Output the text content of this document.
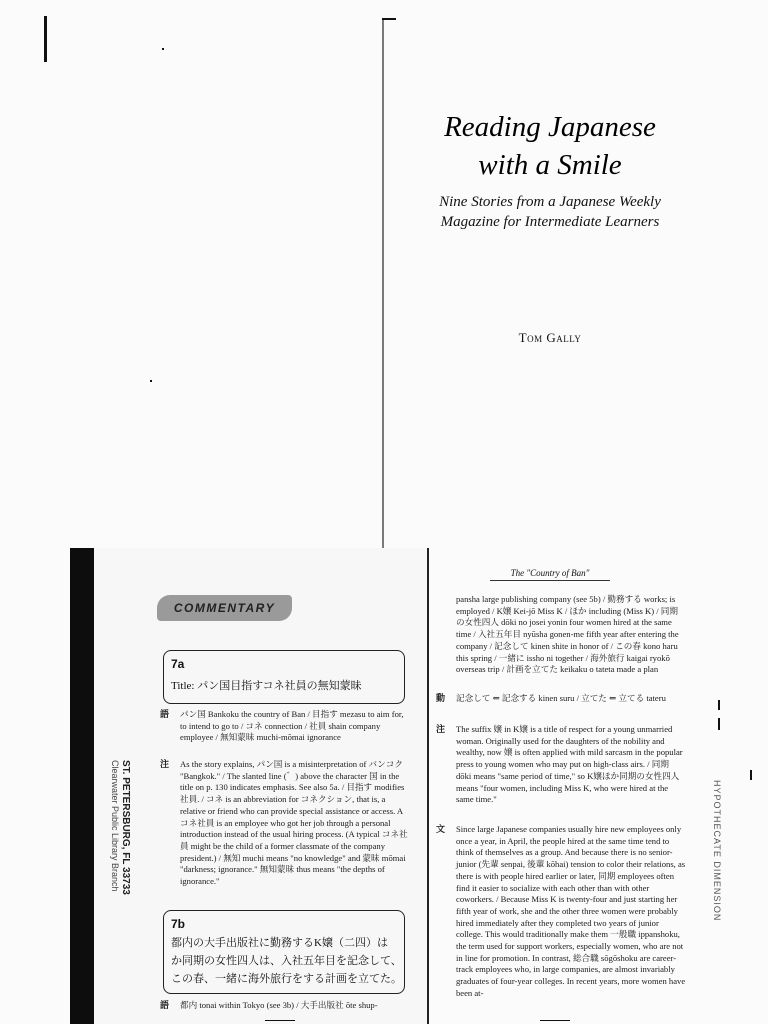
Reading Japanese
with a Smile
Nine Stories from a Japanese Weekly
Magazine for Intermediate Learners
Tom Gally
ST. PETERSBURG, FL 33733 Clearwater Public Library Branch
COMMENTARY
7a
Title: パン国目指すコネ社員の無知蒙昧
語 パン国 Bankoku the country of Ban / 目指す mezasu to aim for, to intend to go to / コネ connection / 社員 shain company employee / 無知蒙昧 muchi-mōmai ignorance
注 As the story explains, パン国 is a misinterpretation of バンコク "Bangkok." / The slanted line (゛) above the character 国 in the title on p. 130 indicates emphasis. See also 5a. / 目指す modifies 社員. / コネ is an abbreviation for コネクション, that is, a relative or friend who can provide special assistance or access. A コネ社員 is an employee who got her job through a personal introduction instead of the usual hiring process. (A typical コネ社員 might be the child of a former classmate of the company president.) / 無知 muchi means "no knowledge" and 蒙昧 mōmai "darkness; ignorance." 無知蒙昧 thus means "the depths of ignorance."
7b
都内の大手出版社に勤務するK嬢（二四）は
か同期の女性四人は、入社五年目を記念して、
この春、一緒に海外旅行をする計画を立てた。
語 都内 tonai within Tokyo (see 3b) / 大手出版社 ōte shup-
The "Country of Ban"
pansha large publishing company (see 5b) / 勤務する works; is employed / K嬢 Kei-jō Miss K / ほか including (Miss K) / 同期の女性四人 dōki no josei yonin four women hired at the same time / 入社五年目 nyūsha gonen-me fifth year after entering the company / 記念して kinen shite in honor of / この春 kono haru this spring / 一緒に issho ni together / 海外旅行 kaigai ryokō overseas trip / 計画を立てた keikaku o tateta made a plan
動 記念して ⇐ 記念する kinen suru / 立てた ⇐ 立てる tateru
注 The suffix 嬢 in K嬢 is a title of respect for a young unmarried woman. Originally used for the daughters of the nobility and wealthy, now 嬢 is often applied with mild sarcasm in the popular press to young women who may put on high-class airs. / 同期 dōki means "same period of time," so K嬢ほか同期の女性四人 means "four women, including Miss K, who were hired at the same time."
文 Since large Japanese companies usually hire new employees only once a year, in April, the people hired at the same time tend to think of themselves as a group. And because there is no senior-junior (先輩 senpai, 後輩 kōhai) tension to color their relations, as there is with people hired earlier or later, 同期 employees often find it easier to socialize with each other than with other coworkers. / Because Miss K is twenty-four and just starting her fifth year of work, she and the other three women were probably hired immediately after they completed two years of junior college. This would traditionally make them 一般職 ippanshoku, the term used for support workers, especially women, who are not in line for promotion. In contrast, 総合職 sōgōshoku are career-track employees who, in large companies, are almost invariably graduates of four-year colleges. In recent years, more women have been at-
HYPOTHECATE DIMENSION
